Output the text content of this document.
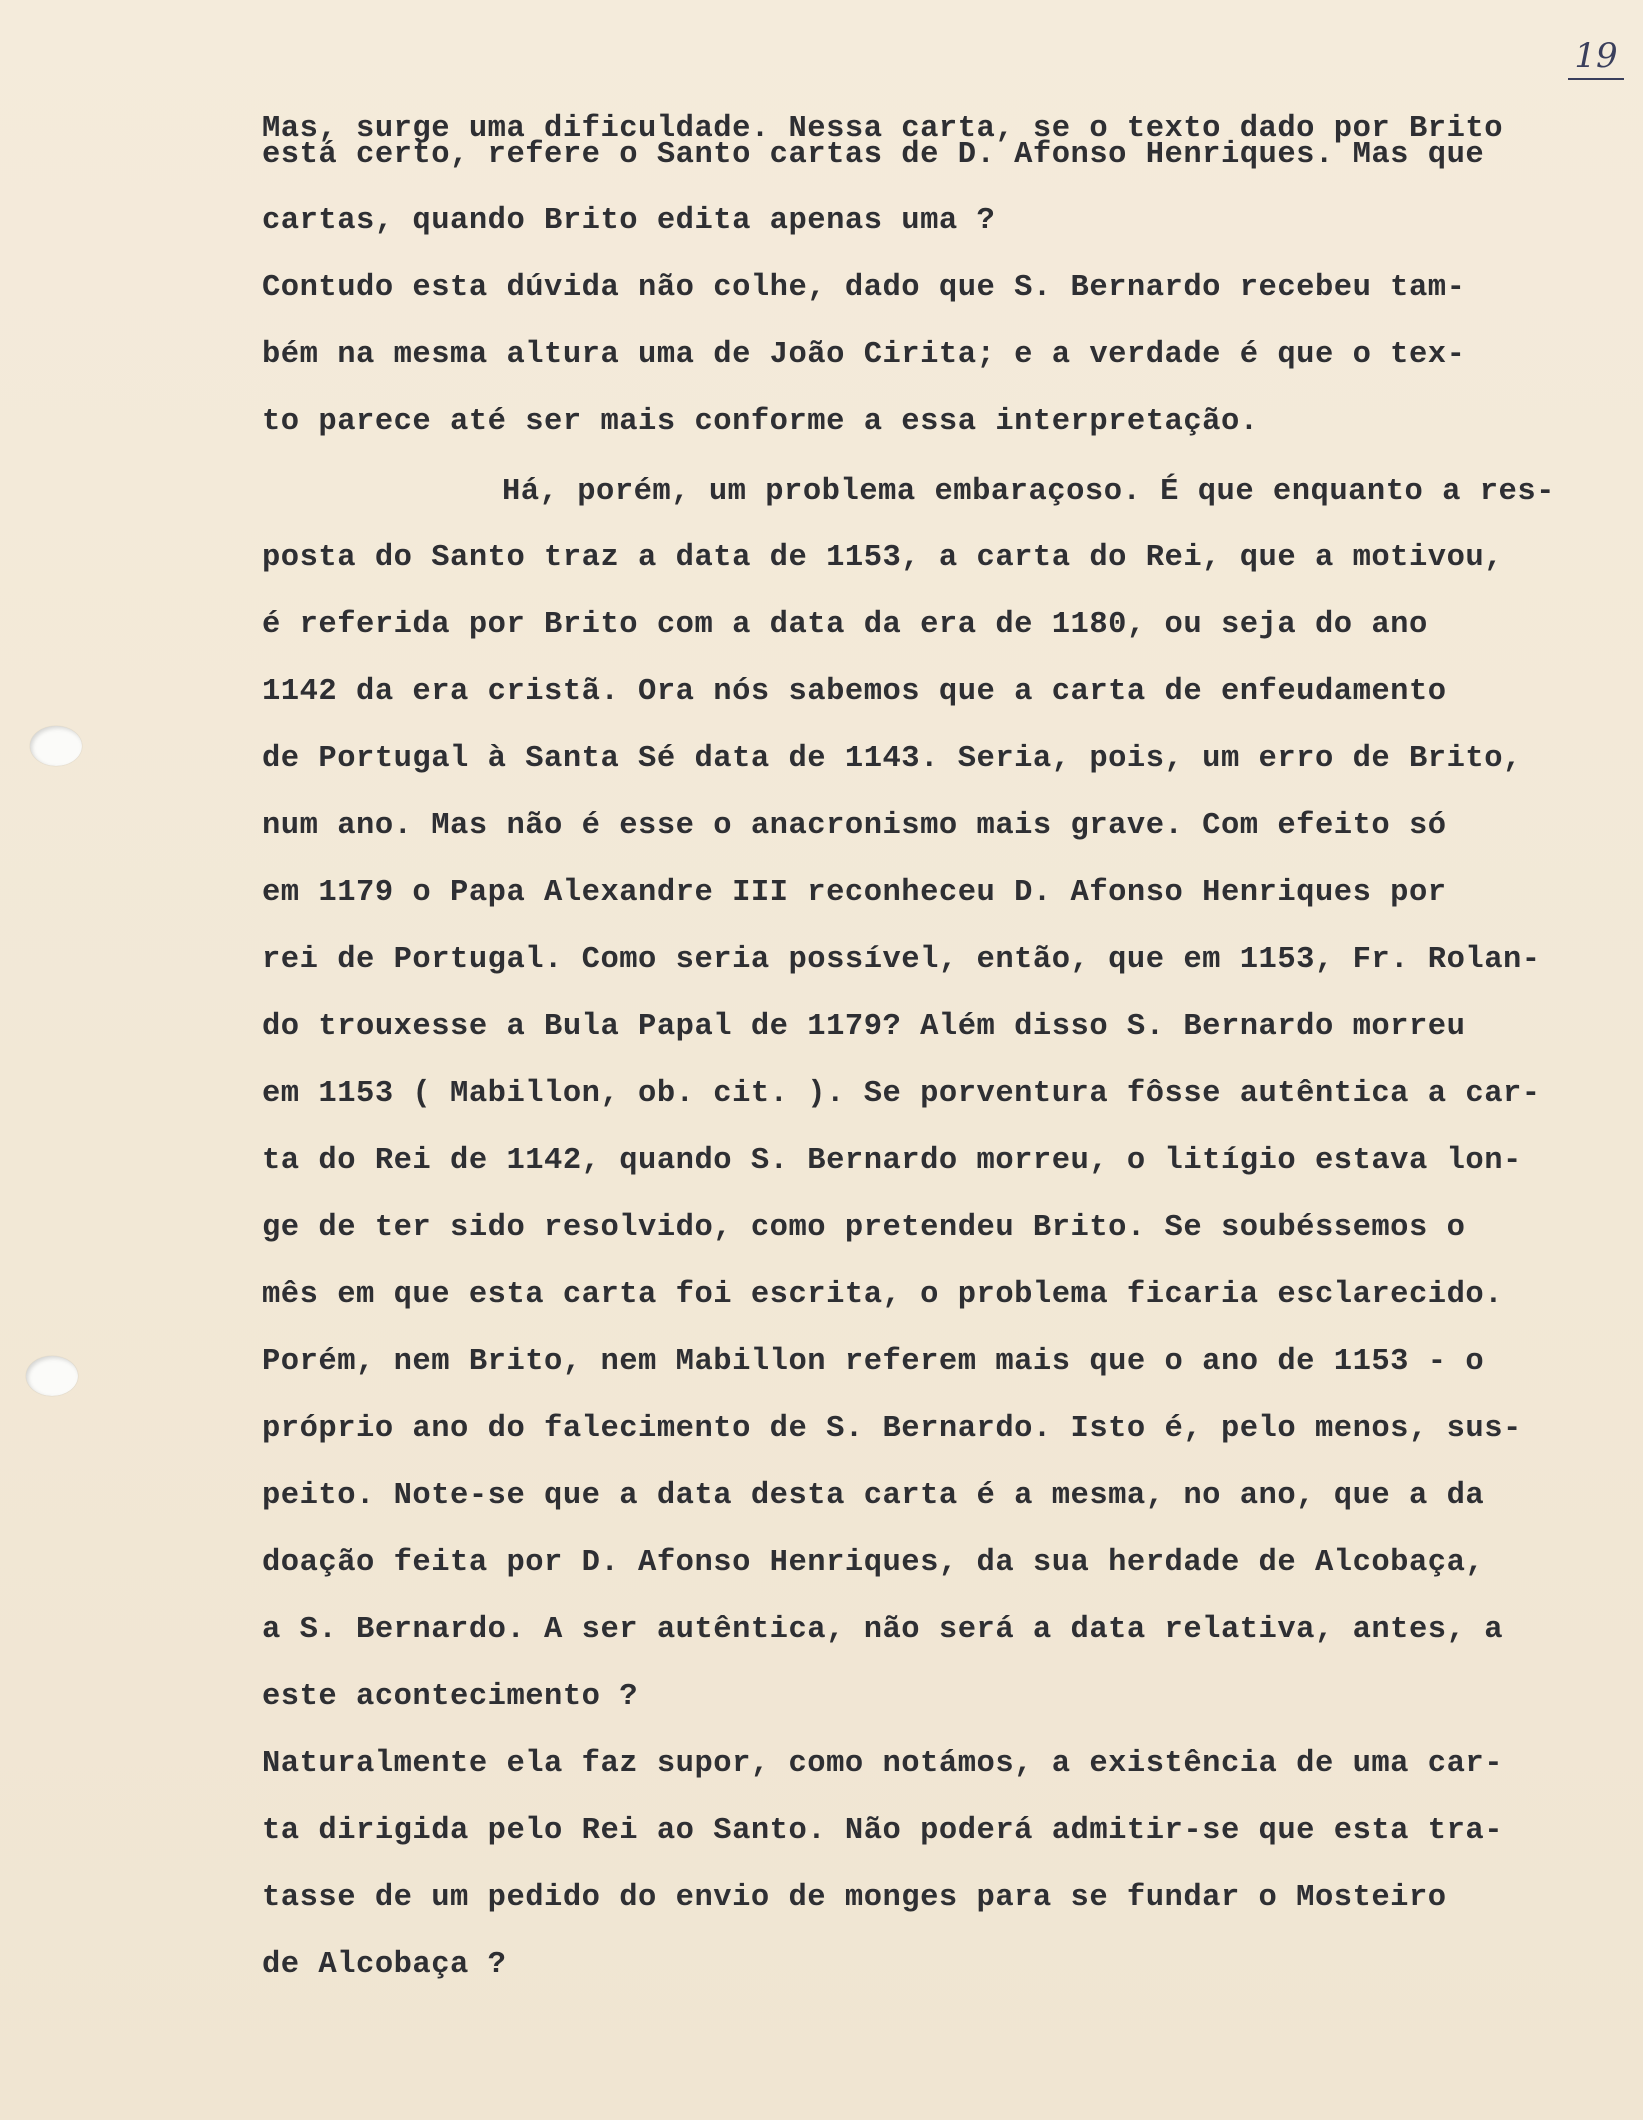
19
Mas, surge uma dificuldade. Nessa carta, se o texto dado por Brito
está certo, refere o Santo cartas de D. Afonso Henriques. Mas que
cartas, quando Brito edita apenas uma ?
Contudo esta dúvida não colhe, dado que S. Bernardo recebeu tam-
bém na mesma altura uma de João Cirita; e a verdade é que o tex-
to parece até ser mais conforme a essa interpretação.
Há, porém, um problema embaraçoso. É que enquanto a res-
posta do Santo traz a data de 1153, a carta do Rei, que a motivou,
é referida por Brito com a data da era de 1180, ou seja do ano
1142 da era cristã. Ora nós sabemos que a carta de enfeudamento
de Portugal à Santa Sé data de 1143. Seria, pois, um erro de Brito,
num ano. Mas não é esse o anacronismo mais grave. Com efeito só
em 1179 o Papa Alexandre III reconheceu D. Afonso Henriques por
rei de Portugal. Como seria possível, então, que em 1153, Fr. Rolan-
do trouxesse a Bula Papal de 1179? Além disso S. Bernardo morreu
em 1153 ( Mabillon, ob. cit. ). Se porventura fôsse autêntica a car-
ta do Rei de 1142, quando S. Bernardo morreu, o litígio estava lon-
ge de ter sido resolvido, como pretendeu Brito. Se soubéssemos o
mês em que esta carta foi escrita, o problema ficaria esclarecido.
Porém, nem Brito, nem Mabillon referem mais que o ano de 1153 - o
próprio ano do falecimento de S. Bernardo. Isto é, pelo menos, sus-
peito. Note-se que a data desta carta é a mesma, no ano, que a da
doação feita por D. Afonso Henriques, da sua herdade de Alcobaça,
a S. Bernardo. A ser autêntica, não será a data relativa, antes, a
este acontecimento ?
Naturalmente ela faz supor, como notámos, a existência de uma car-
ta dirigida pelo Rei ao Santo. Não poderá admitir-se que esta tra-
tasse de um pedido do envio de monges para se fundar o Mosteiro
de Alcobaça ?
